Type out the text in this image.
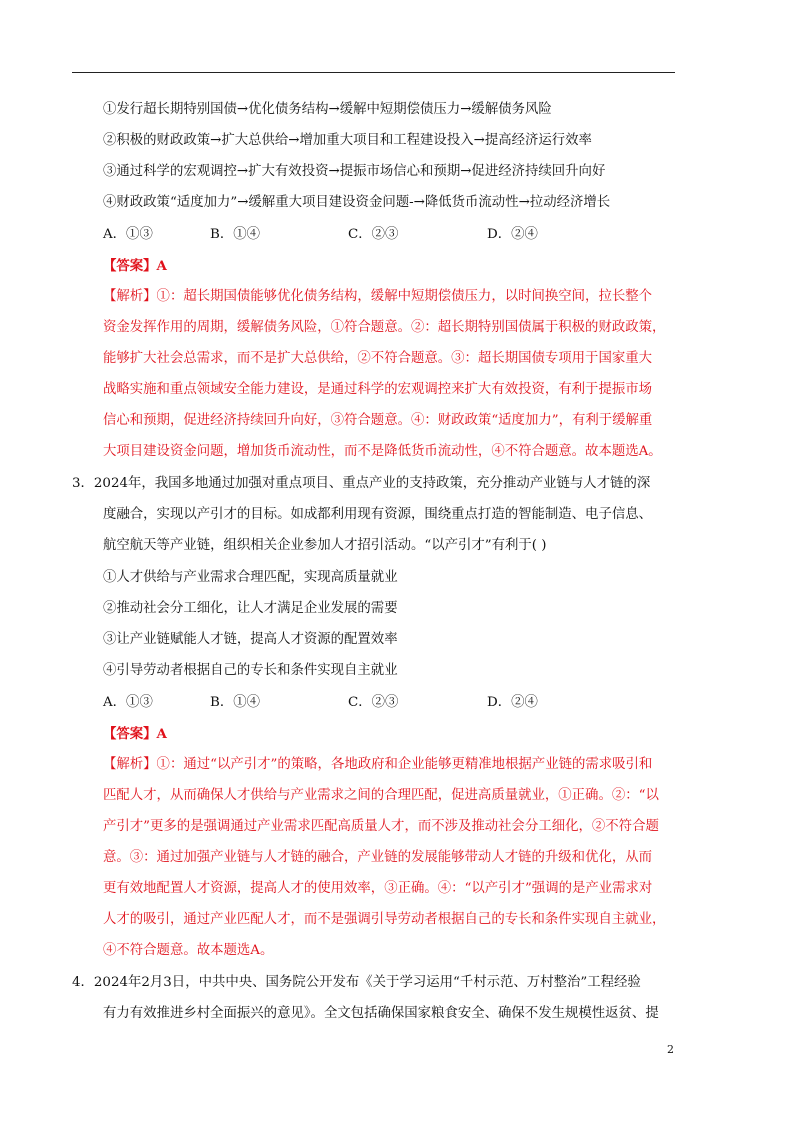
①发行超长期特别国债→优化债务结构→缓解中短期偿债压力→缓解债务风险
②积极的财政政策→扩大总供给→增加重大项目和工程建设投入→提高经济运行效率
③通过科学的宏观调控→扩大有效投资→提振市场信心和预期→促进经济持续回升向好
④财政政策“适度加力”→缓解重大项目建设资金问题-→降低货币流动性→拉动经济增长
A．①③	B．①④	C．②③	D．②④
【答案】A
【解析】①：超长期国债能够优化债务结构，缓解中短期偿债压力，以时间换空间，拉长整个
资金发挥作用的周期，缓解债务风险，①符合题意。②：超长期特别国债属于积极的财政政策，
能够扩大社会总需求，而不是扩大总供给，②不符合题意。③：超长期国债专项用于国家重大
战略实施和重点领域安全能力建设，是通过科学的宏观调控来扩大有效投资，有利于提振市场
信心和预期，促进经济持续回升向好，③符合题意。④：财政政策“适度加力”，有利于缓解重
大项目建设资金问题，增加货币流动性，而不是降低货币流动性，④不符合题意。故本题选A。
3．2024年，我国多地通过加强对重点项目、重点产业的支持政策，充分推动产业链与人才链的深
度融合，实现以产引才的目标。如成都利用现有资源，围绕重点打造的智能制造、电子信息、
航空航天等产业链，组织相关企业参加人才招引活动。“以产引才”有利于( )
①人才供给与产业需求合理匹配，实现高质量就业
②推动社会分工细化，让人才满足企业发展的需要
③让产业链赋能人才链，提高人才资源的配置效率
④引导劳动者根据自己的专长和条件实现自主就业
A．①③	B．①④	C．②③	D．②④
【答案】A
【解析】①：通过“以产引才”的策略，各地政府和企业能够更精准地根据产业链的需求吸引和
匹配人才，从而确保人才供给与产业需求之间的合理匹配，促进高质量就业，①正确。②：“以
产引才”更多的是强调通过产业需求匹配高质量人才，而不涉及推动社会分工细化，②不符合题
意。③：通过加强产业链与人才链的融合，产业链的发展能够带动人才链的升级和优化，从而
更有效地配置人才资源，提高人才的使用效率，③正确。④：“以产引才”强调的是产业需求对
人才的吸引，通过产业匹配人才，而不是强调引导劳动者根据自己的专长和条件实现自主就业，
④不符合题意。故本题选A。
4．2024年2月3日，中共中央、国务院公开发布《关于学习运用“千村示范、万村整治”工程经验
有力有效推进乡村全面振兴的意见》。全文包括确保国家粮食安全、确保不发生规模性返贫、提
2
